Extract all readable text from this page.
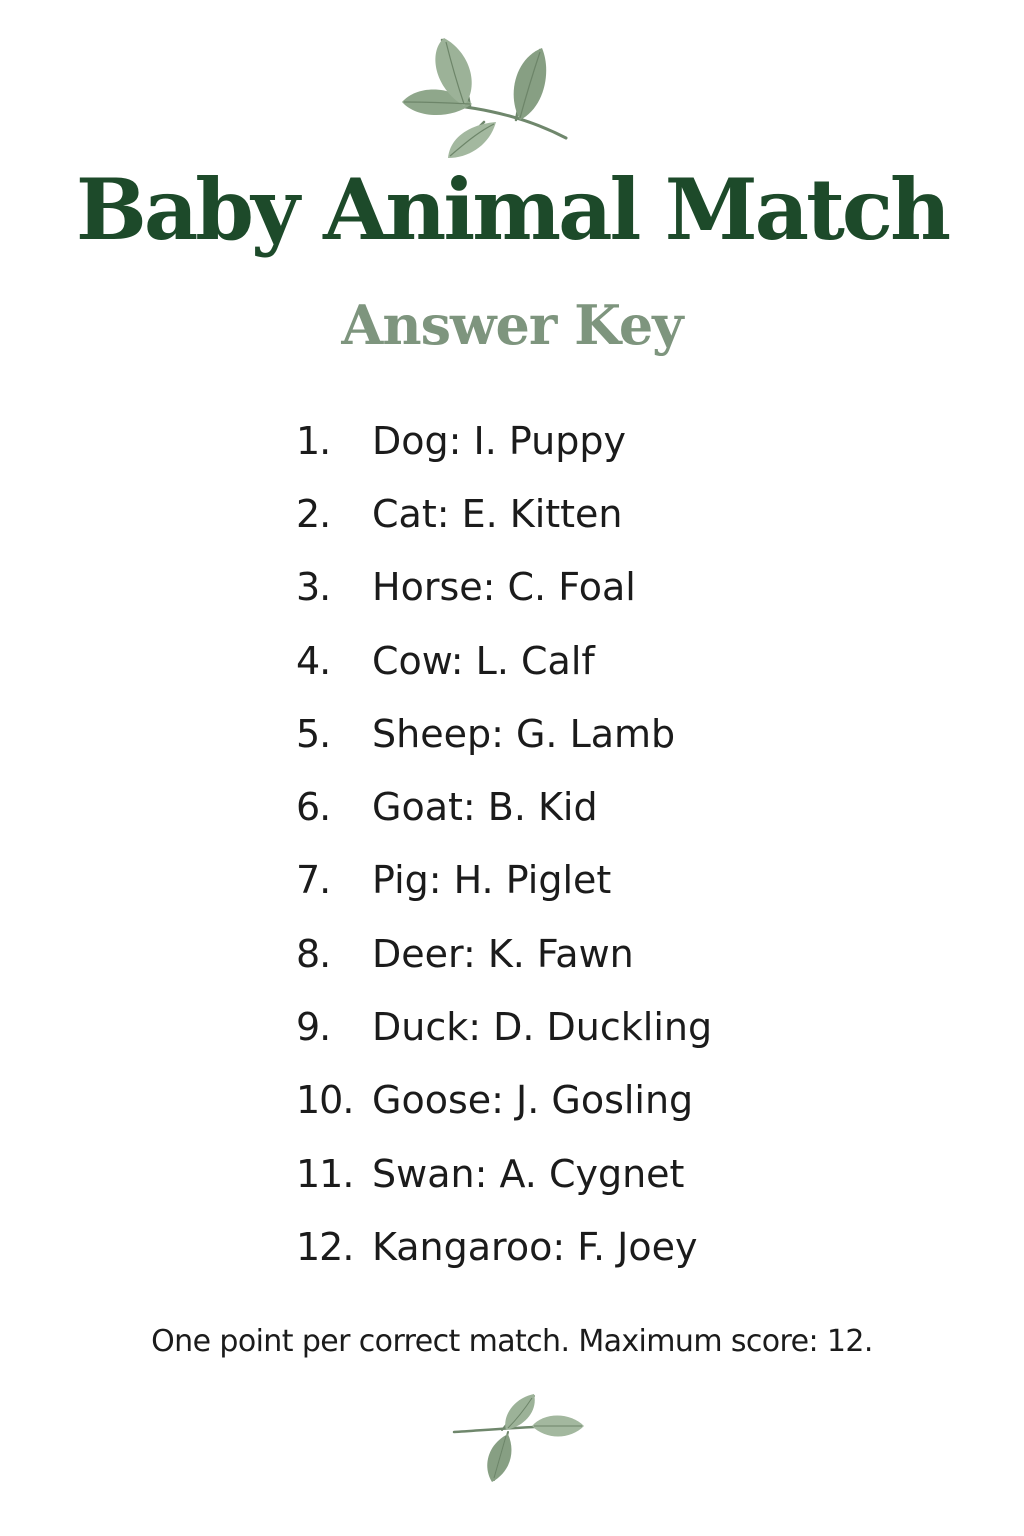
Baby Animal Match
Answer Key
1.	Dog: I. Puppy
2.	Cat: E. Kitten
3.	Horse: C. Foal
4.	Cow: L. Calf
5.	Sheep: G. Lamb
6.	Goat: B. Kid
7.	Pig: H. Piglet
8.	Deer: K. Fawn
9.	Duck: D. Duckling
10. Goose: J. Gosling
11. Swan: A. Cygnet
12. Kangaroo: F. Joey

One point per correct match. Maximum score: 12.
